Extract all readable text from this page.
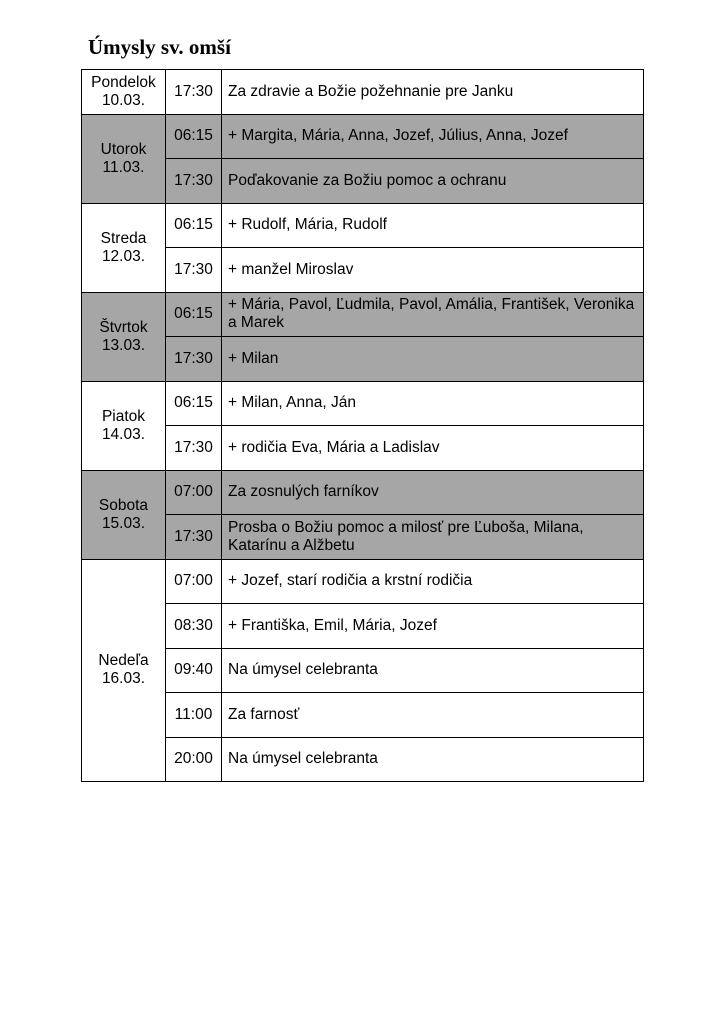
Úmysly sv. omší
Pondelok
10.03.	17:30	Za zdravie a Božie požehnanie pre Janku

Utorok
11.03.	06:15	+ Margita, Mária, Anna, Jozef, Július, Anna, Jozef
	17:30	Poďakovanie za Božiu pomoc a ochranu

Streda
12.03.	06:15	+ Rudolf, Mária, Rudolf
	17:30	+ manžel Miroslav

Štvrtok
13.03.	06:15	+ Mária, Pavol, Ľudmila, Pavol, Amália, František, Veronika a Marek
	17:30	+ Milan

Piatok
14.03.	06:15	+ Milan, Anna, Ján
	17:30	+ rodičia Eva, Mária a Ladislav

Sobota
15.03.	07:00	Za zosnulých farníkov
	17:30	Prosba o Božiu pomoc a milosť pre Ľuboša, Milana, Katarínu a Alžbetu

Nedeľa
16.03.	07:00	+ Jozef, starí rodičia a krstní rodičia
	08:30	+ Františka, Emil, Mária, Jozef
	09:40	Na úmysel celebranta
	11:00	Za farnosť
	20:00	Na úmysel celebranta
